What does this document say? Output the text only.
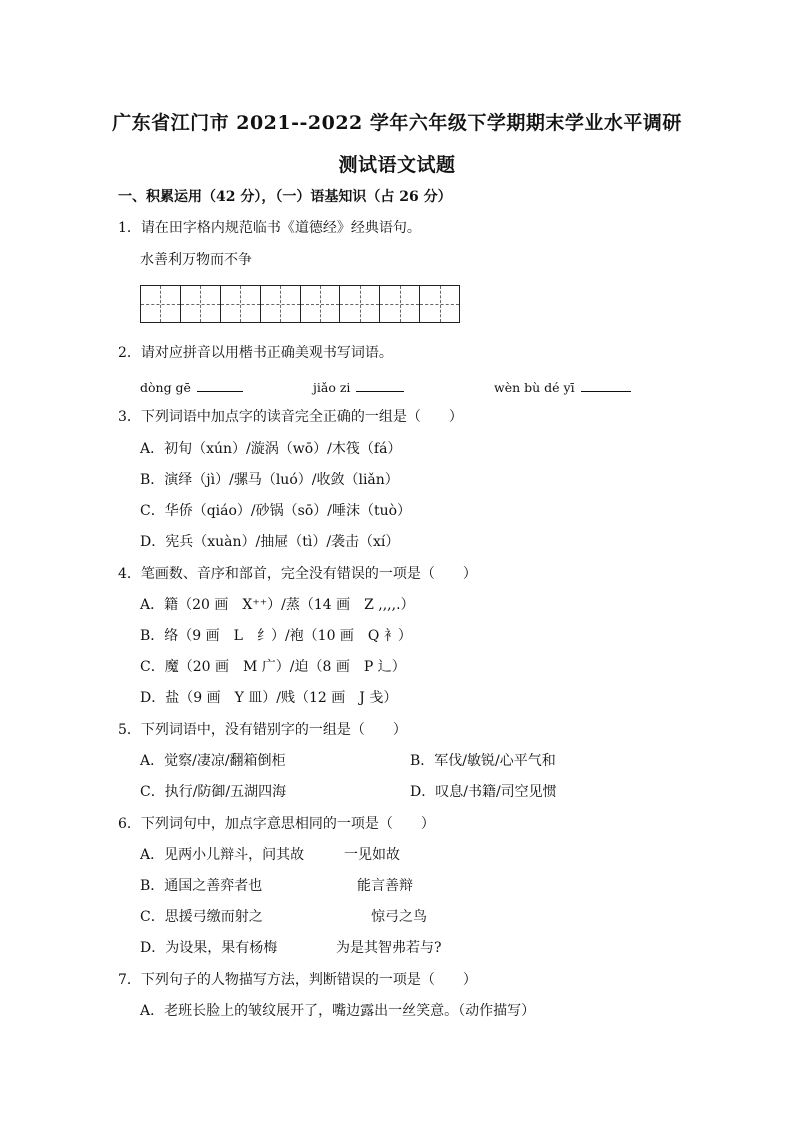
广东省江门市 2021--2022 学年六年级下学期期末学业水平调研
测试语文试题
一、积累运用（42 分），（一）语基知识（占 26 分）
1．请在田字格内规范临书《道德经》经典语句。
水善利万物而不争
2．请对应拼音以用楷书正确美观书写词语。
dòng gē	jiǎo zi	wèn bù dé yī
3．下列词语中加点字的读音完全正确的一组是（　　）
A．初旬（xún）/漩涡（wō）/木筏（fá）
B．演绎（jì）/骡马（luó）/收敛（liǎn）
C．华侨（qiáo）/砂锅（sō）/唾沫（tuò）
D．宪兵（xuàn）/抽屉（tì）/袭击（xí）
4．笔画数、音序和部首，完全没有错误的一项是（　　）
A．籍（20 画　X⁺⁺）/蒸（14 画　Z ,,,,.）
B．络（9 画　L　纟）/袍（10 画　Q 衤）
C．魔（20 画　M 广）/迫（8 画　P 辶）
D．盐（9 画　Y 皿）/贱（12 画　J 戋）
5．下列词语中，没有错别字的一组是（　　）
A．觉察/凄凉/翻箱倒柜	B．军伐/敏锐/心平气和
C．执行/防御/五湖四海	D．叹息/书籍/司空见惯
6．下列词句中，加点字意思相同的一项是（　　）
A．见两小儿辩斗，问其故	一见如故
B．通国之善弈者也	能言善辩
C．思援弓缴而射之	惊弓之鸟
D．为设果，果有杨梅	为是其智弗若与?
7．下列句子的人物描写方法，判断错误的一项是（　　）
A．老班长脸上的皱纹展开了，嘴边露出一丝笑意。（动作描写）
